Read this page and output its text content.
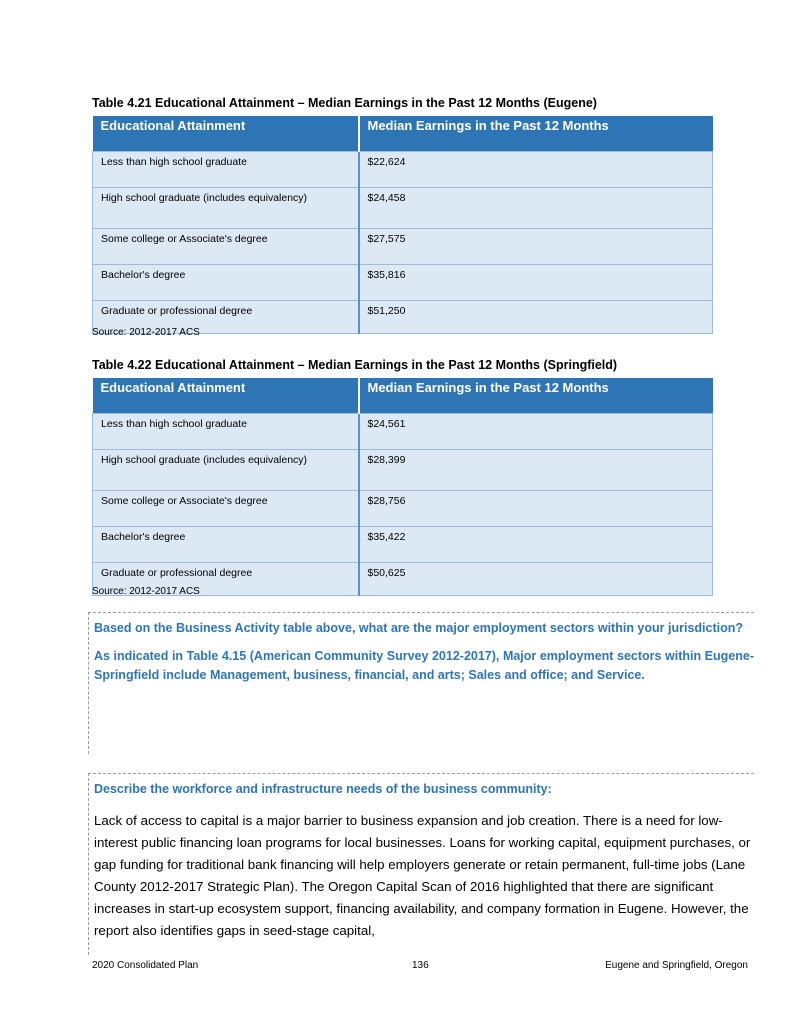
Table 4.21 Educational Attainment – Median Earnings in the Past 12 Months (Eugene)
Educational Attainment	Median Earnings in the Past 12 Months
Less than high school graduate	$22,624
High school graduate (includes equivalency)	$24,458
Some college or Associate's degree	$27,575
Bachelor's degree	$35,816
Graduate or professional degree	$51,250
Source: 2012-2017 ACS
Table 4.22 Educational Attainment – Median Earnings in the Past 12 Months (Springfield)
Educational Attainment	Median Earnings in the Past 12 Months
Less than high school graduate	$24,561
High school graduate (includes equivalency)	$28,399
Some college or Associate's degree	$28,756
Bachelor's degree	$35,422
Graduate or professional degree	$50,625
Source: 2012-2017 ACS

Based on the Business Activity table above, what are the major employment sectors within your jurisdiction?

As indicated in Table 4.15 (American Community Survey 2012-2017), Major employment sectors within Eugene-Springfield include Management, business, financial, and arts; Sales and office; and Service.

Describe the workforce and infrastructure needs of the business community:

Lack of access to capital is a major barrier to business expansion and job creation. There is a need for low-interest public financing loan programs for local businesses. Loans for working capital, equipment purchases, or gap funding for traditional bank financing will help employers generate or retain permanent, full-time jobs (Lane County 2012-2017 Strategic Plan). The Oregon Capital Scan of 2016 highlighted that there are significant increases in start-up ecosystem support, financing availability, and company formation in Eugene. However, the report also identifies gaps in seed-stage capital,

2020 Consolidated Plan	136	Eugene and Springfield, Oregon
